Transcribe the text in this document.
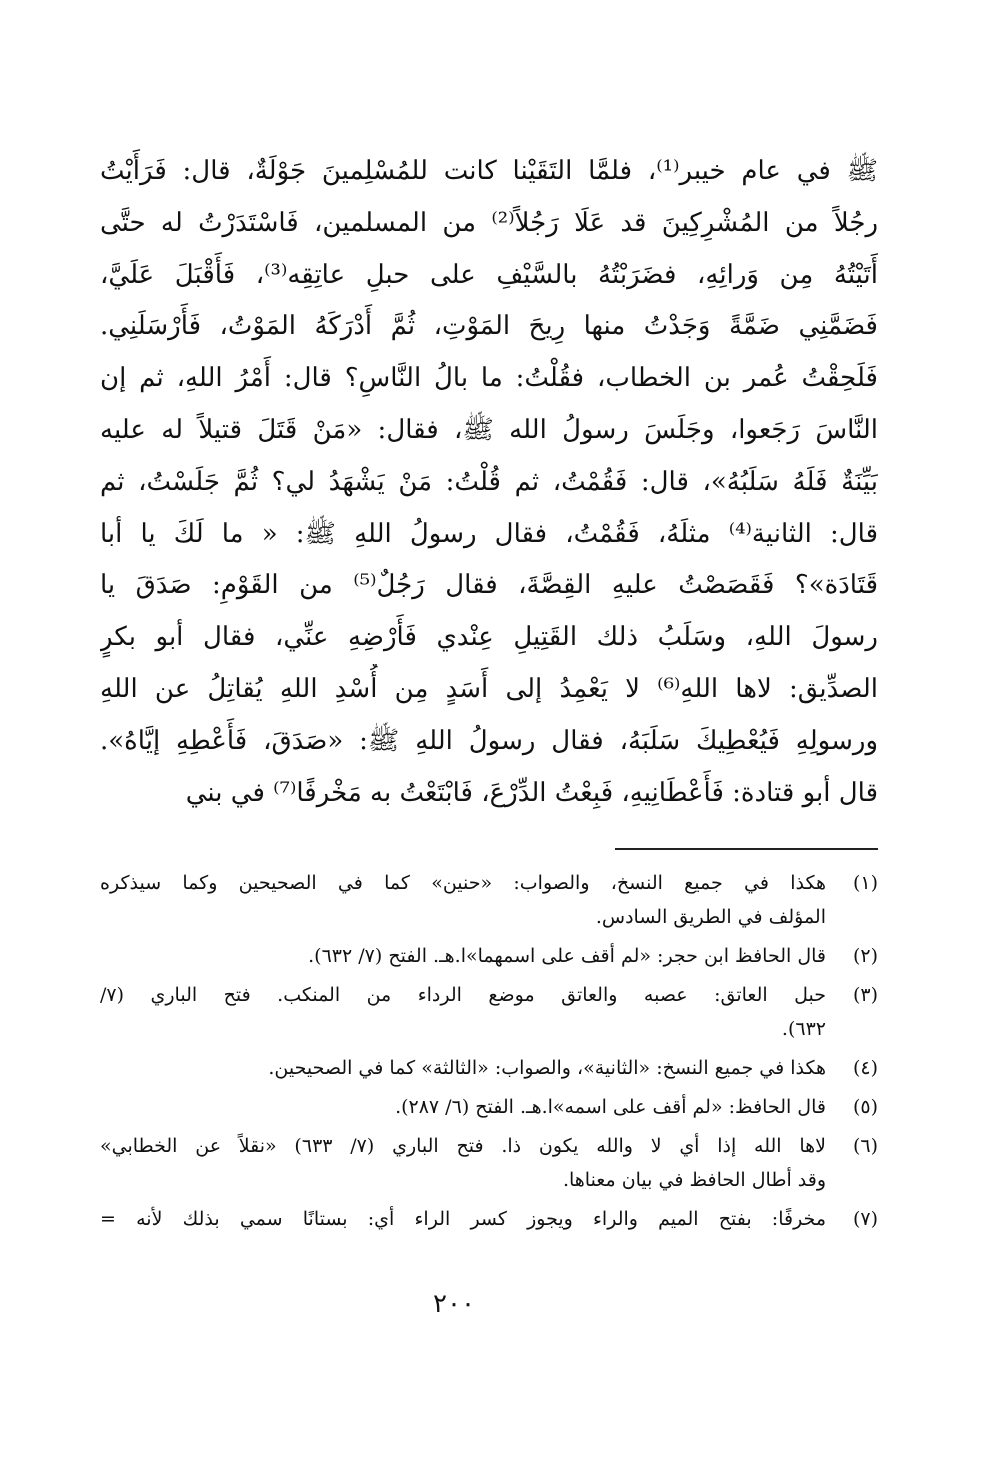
ﷺ في عام خيبر⁽¹⁾، فلمَّا التَقَيْنا كانت للمُسْلِمينَ جَوْلَةٌ، قال: فَرَأَيْتُ
رجُلاً من المُشْرِكِينَ قد عَلَا رَجُلاً⁽²⁾ من المسلمين، فَاسْتَدَرْتُ له حتَّى
أَتَيْتُهُ مِن وَرائِهِ، فضَرَبْتُهُ بالسَّيْفِ على حبلِ عاتِقِه⁽³⁾، فَأَقْبَلَ عَلَيَّ،
فَضَمَّنِي ضَمَّةً وَجَدْتُ منها رِيحَ المَوْتِ، ثُمَّ أَدْرَكَهُ المَوْتُ، فَأَرْسَلَنِي.
فَلَحِقْتُ عُمر بن الخطاب، فقُلْتُ: ما بالُ النَّاسِ؟ قال: أَمْرُ اللهِ، ثم إن
النَّاسَ رَجَعوا، وجَلَسَ رسولُ الله ﷺ، فقال: «مَنْ قَتَلَ قتيلاً له عليه
بَيِّنَةٌ فَلَهُ سَلَبُهُ»، قال: فَقُمْتُ، ثم قُلْتُ: مَنْ يَشْهَدُ لي؟ ثُمَّ جَلَسْتُ، ثم
قال: الثانية⁽⁴⁾ مثلَهُ، فَقُمْتُ، فقال رسولُ اللهِ ﷺ: « ما لَكَ يا أبا
قَتَادَة»؟ فَقَصَصْتُ عليهِ القِصَّةَ، فقال رَجُلٌ⁽⁵⁾ من القَوْمِ: صَدَقَ يا
رسولَ اللهِ، وسَلَبُ ذلك القَتِيلِ عِنْدي فَأَرْضِهِ عنِّي، فقال أبو بكرٍ
الصدِّيق: لاها اللهِ⁽⁶⁾ لا يَعْمِدُ إلى أَسَدٍ مِن أُسْدِ اللهِ يُقاتِلُ عن اللهِ
ورسولِهِ فَيُعْطِيكَ سَلَبَهُ، فقال رسولُ اللهِ ﷺ: «صَدَقَ، فَأَعْطِهِ إيَّاهُ».
قال أبو قتادة: فَأَعْطَانِيهِ، فَبِعْتُ الدِّرْعَ، فَابْتَعْتُ به مَخْرفًا⁽⁷⁾ في بني
(١)
هكذا في جميع النسخ، والصواب: «حنين» كما في الصحيحين وكما سيذكره
المؤلف في الطريق السادس.
(٢)
قال الحافظ ابن حجر: «لم أقف على اسمهما»ا.هـ. الفتح (٧/ ٦٣٢).
(٣)
حبل العاتق: عصبه والعاتق موضع الرداء من المنكب. فتح الباري (٧/
٦٣٢).
(٤)
هكذا في جميع النسخ: «الثانية»، والصواب: «الثالثة» كما في الصحيحين.
(٥)
قال الحافظ: «لم أقف على اسمه»ا.هـ. الفتح (٦/ ٢٨٧).
(٦)
لاها الله إذا أي لا والله يكون ذا. فتح الباري (٧/ ٦٣٣) «نقلاً عن الخطابي»
وقد أطال الحافظ في بيان معناها.
(٧)
مخرفًا: بفتح الميم والراء ويجوز كسر الراء أي: بستانًا سمي بذلك لأنه =
٢٠٠
